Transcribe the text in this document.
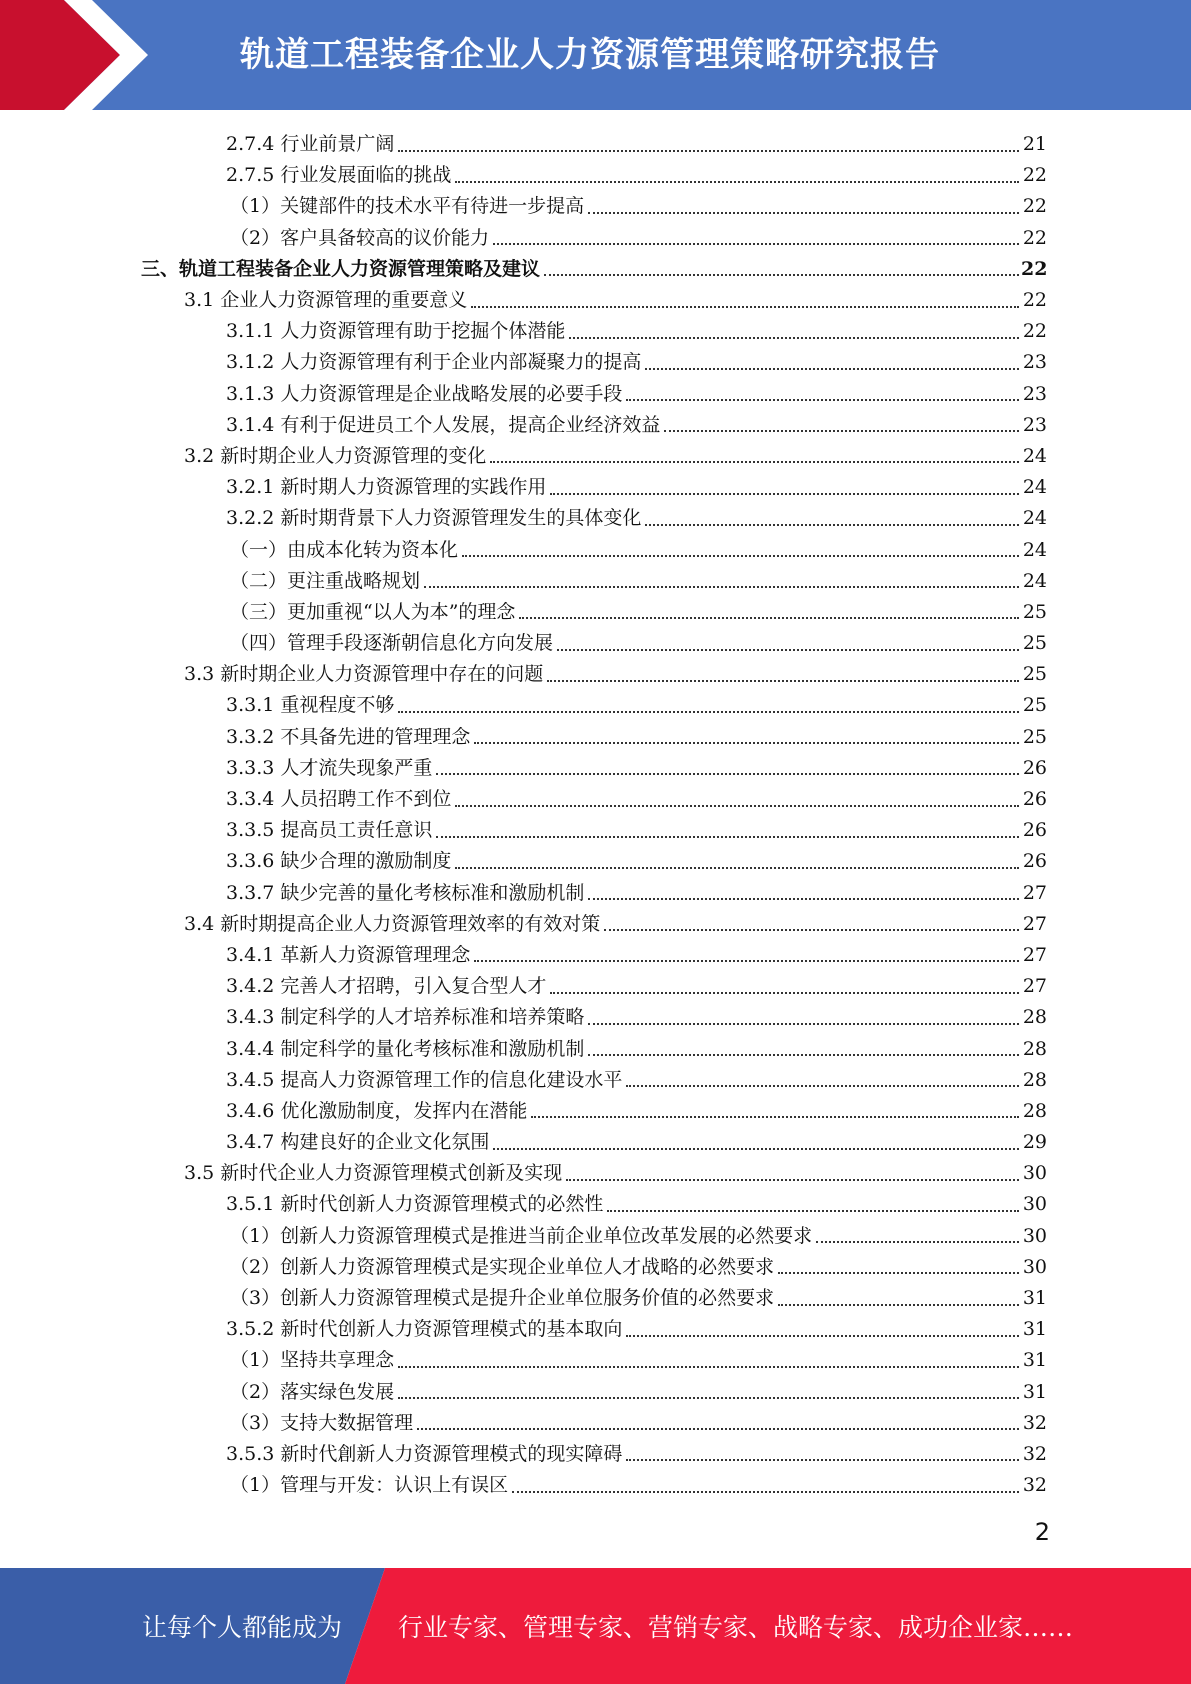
轨道工程装备企业人力资源管理策略研究报告
2.7.4 行业前景广阔	21
2.7.5 行业发展面临的挑战	22
（1）关键部件的技术水平有待进一步提高	22
（2）客户具备较高的议价能力	22
三、轨道工程装备企业人力资源管理策略及建议	22
3.1 企业人力资源管理的重要意义	22
3.1.1 人力资源管理有助于挖掘个体潜能	22
3.1.2 人力资源管理有利于企业内部凝聚力的提高	23
3.1.3 人力资源管理是企业战略发展的必要手段	23
3.1.4 有利于促进员工个人发展，提高企业经济效益	23
3.2 新时期企业人力资源管理的变化	24
3.2.1 新时期人力资源管理的实践作用	24
3.2.2 新时期背景下人力资源管理发生的具体变化	24
（一）由成本化转为资本化	24
（二）更注重战略规划	24
（三）更加重视“以人为本”的理念	25
（四）管理手段逐渐朝信息化方向发展	25
3.3 新时期企业人力资源管理中存在的问题	25
3.3.1 重视程度不够	25
3.3.2 不具备先进的管理理念	25
3.3.3 人才流失现象严重	26
3.3.4 人员招聘工作不到位	26
3.3.5 提高员工责任意识	26
3.3.6 缺少合理的激励制度	26
3.3.7 缺少完善的量化考核标准和激励机制	27
3.4 新时期提高企业人力资源管理效率的有效对策	27
3.4.1 革新人力资源管理理念	27
3.4.2 完善人才招聘，引入复合型人才	27
3.4.3 制定科学的人才培养标准和培养策略	28
3.4.4 制定科学的量化考核标准和激励机制	28
3.4.5 提高人力资源管理工作的信息化建设水平	28
3.4.6 优化激励制度，发挥内在潜能	28
3.4.7 构建良好的企业文化氛围	29
3.5 新时代企业人力资源管理模式创新及实现	30
3.5.1 新时代创新人力资源管理模式的必然性	30
（1）创新人力资源管理模式是推进当前企业单位改革发展的必然要求	30
（2）创新人力资源管理模式是实现企业单位人才战略的必然要求	30
（3）创新人力资源管理模式是提升企业单位服务价值的必然要求	31
3.5.2 新时代创新人力资源管理模式的基本取向	31
（1）坚持共享理念	31
（2）落实绿色发展	31
（3）支持大数据管理	32
3.5.3 新时代創新人力资源管理模式的现实障碍	32
（1）管理与开发：认识上有误区	32
2
让每个人都能成为 行业专家、管理专家、营销专家、战略专家、成功企业家……
